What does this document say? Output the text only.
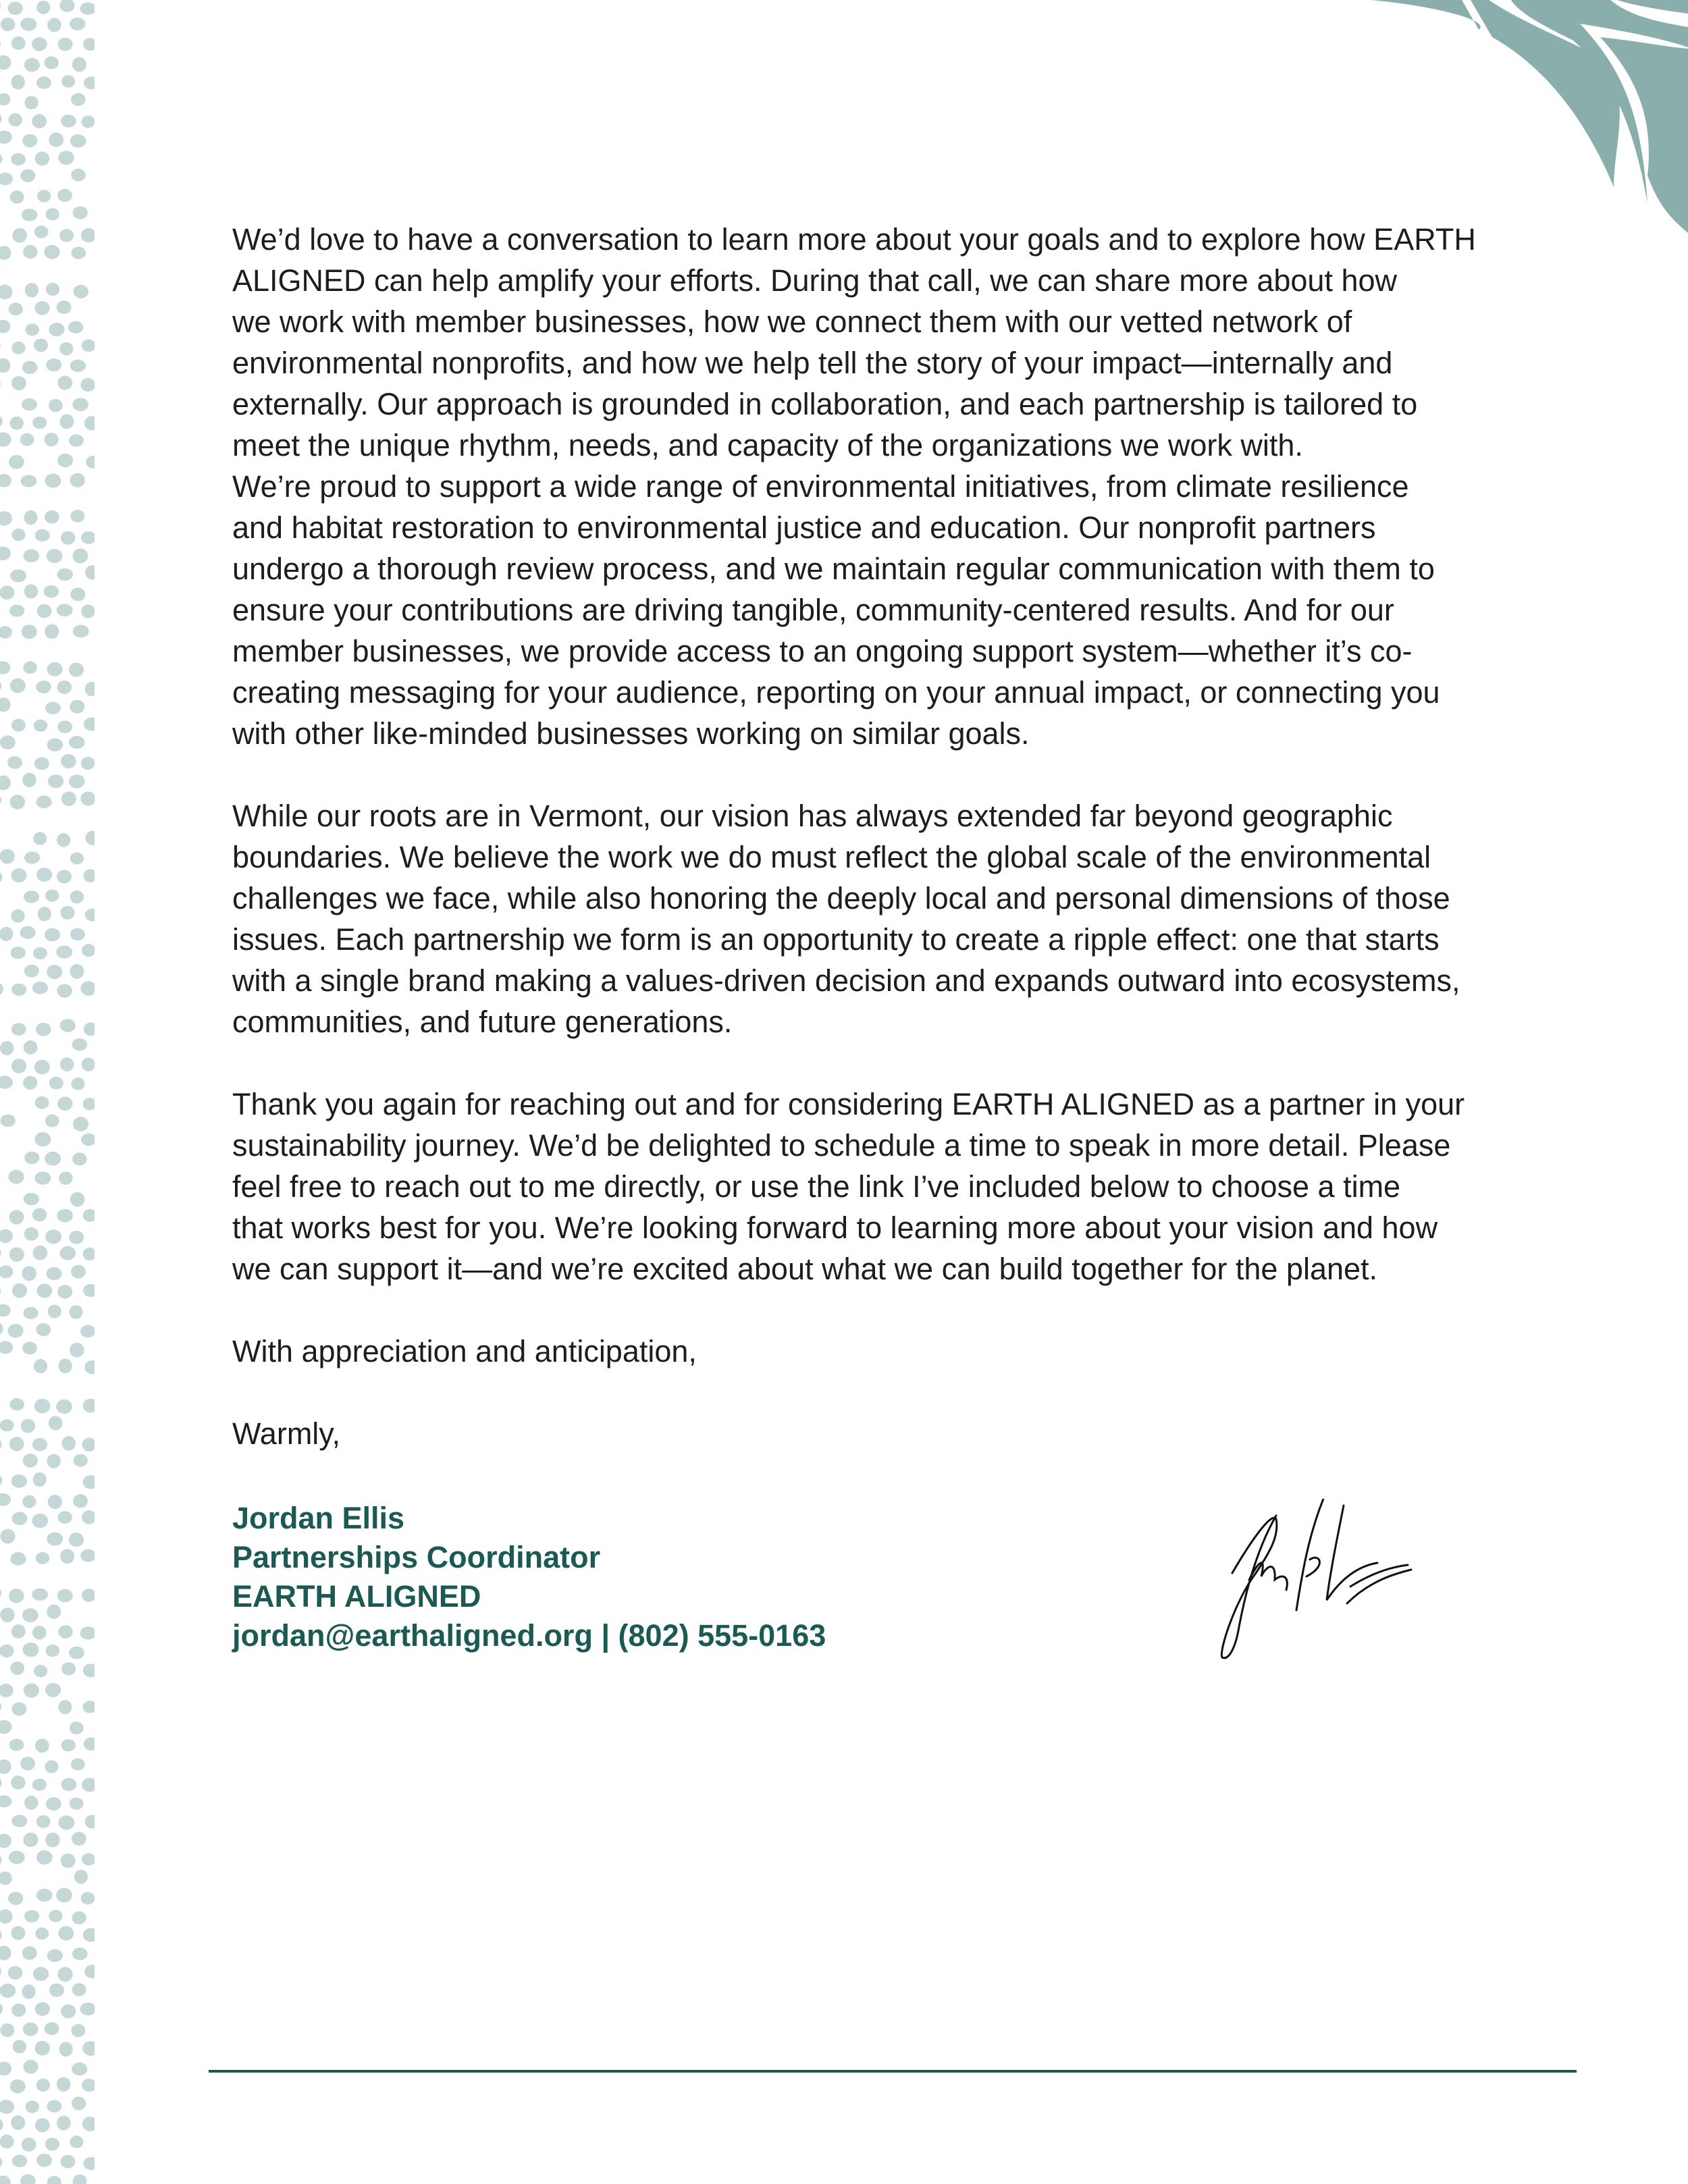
We’d love to have a conversation to learn more about your goals and to explore how EARTH
ALIGNED can help amplify your efforts. During that call, we can share more about how
we work with member businesses, how we connect them with our vetted network of
environmental nonprofits, and how we help tell the story of your impact—internally and
externally. Our approach is grounded in collaboration, and each partnership is tailored to
meet the unique rhythm, needs, and capacity of the organizations we work with.
We’re proud to support a wide range of environmental initiatives, from climate resilience
and habitat restoration to environmental justice and education. Our nonprofit partners
undergo a thorough review process, and we maintain regular communication with them to
ensure your contributions are driving tangible, community-centered results. And for our
member businesses, we provide access to an ongoing support system—whether it’s co-
creating messaging for your audience, reporting on your annual impact, or connecting you
with other like-minded businesses working on similar goals.
While our roots are in Vermont, our vision has always extended far beyond geographic
boundaries. We believe the work we do must reflect the global scale of the environmental
challenges we face, while also honoring the deeply local and personal dimensions of those
issues. Each partnership we form is an opportunity to create a ripple effect: one that starts
with a single brand making a values-driven decision and expands outward into ecosystems,
communities, and future generations.
Thank you again for reaching out and for considering EARTH ALIGNED as a partner in your
sustainability journey. We’d be delighted to schedule a time to speak in more detail. Please
feel free to reach out to me directly, or use the link I’ve included below to choose a time
that works best for you. We’re looking forward to learning more about your vision and how
we can support it—and we’re excited about what we can build together for the planet.
With appreciation and anticipation,
Warmly,
Jordan Ellis
Partnerships Coordinator
EARTH ALIGNED
jordan@earthaligned.org | (802) 555-0163
